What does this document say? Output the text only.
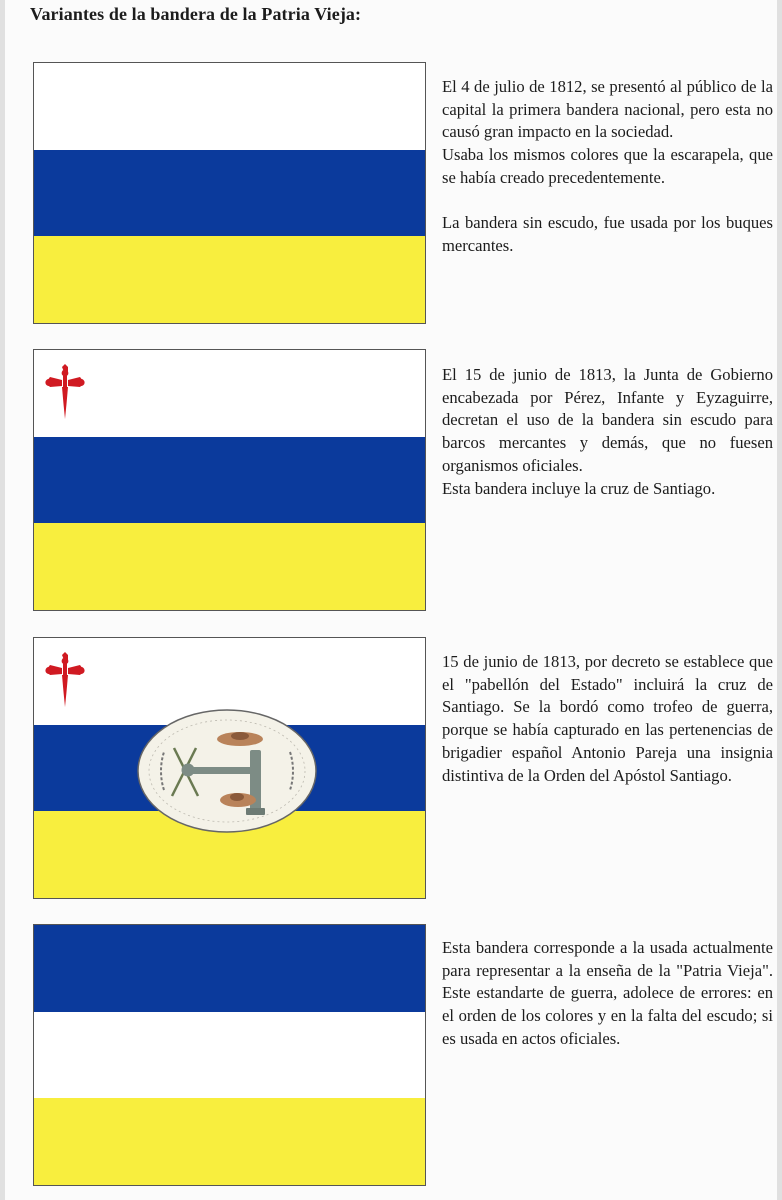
Variantes de la bandera de la Patria Vieja:

El 4 de julio de 1812, se presentó al público de la capital la primera bandera nacional, pero esta no causó gran impacto en la sociedad.

Usaba los mismos colores que la escarapela, que se había creado precedentemente.

La bandera sin escudo, fue usada por los buques mercantes.

El 15 de junio de 1813, la Junta de Gobierno encabezada por Pérez, Infante y Eyzaguirre, decretan el uso de la bandera sin escudo para barcos mercantes y demás, que no fuesen organismos oficiales.

Esta bandera incluye la cruz de Santiago.

15 de junio de 1813, por decreto se establece que el "pabellón del Estado" incluirá la cruz de Santiago. Se la bordó como trofeo de guerra, porque se había capturado en las pertenencias de brigadier español Antonio Pareja una insignia distintiva de la Orden del Apóstol Santiago.

Esta bandera corresponde a la usada actualmente para representar a la enseña de la "Patria Vieja". Este estandarte de guerra, adolece de errores: en el orden de los colores y en la falta del escudo; si es usada en actos oficiales.
